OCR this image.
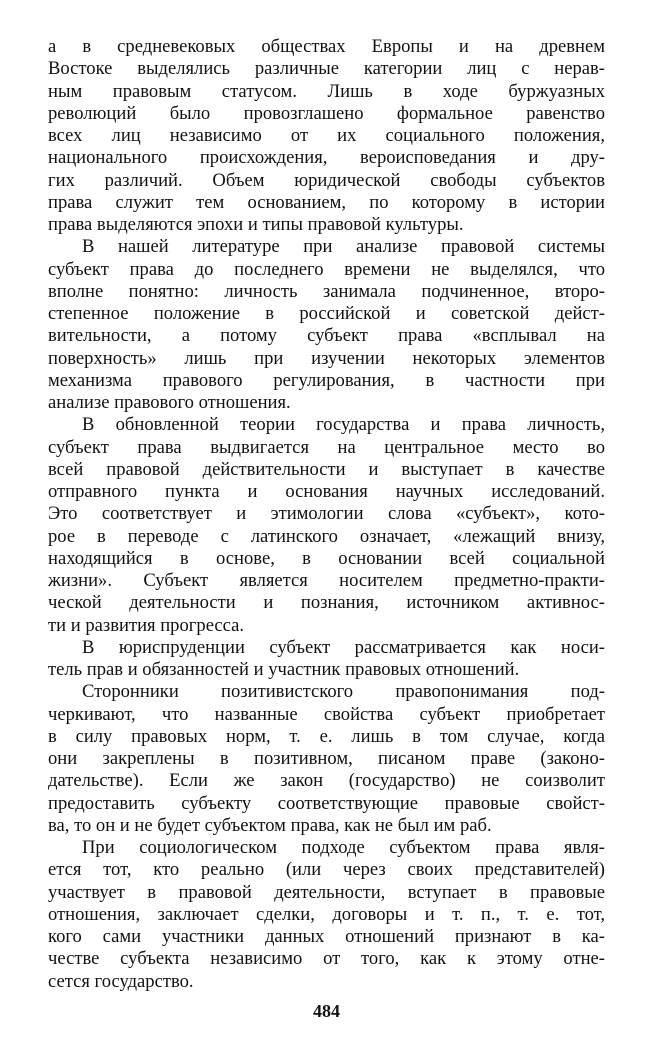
а в средневековых обществах Европы и на древнем
Востоке выделялись различные категории лиц с нерав-
ным правовым статусом. Лишь в ходе буржуазных
революций было провозглашено формальное равенство
всех лиц независимо от их социального положения,
национального происхождения, вероисповедания и дру-
гих различий. Объем юридической свободы субъектов
права служит тем основанием, по которому в истории
права выделяются эпохи и типы правовой культуры.
В нашей литературе при анализе правовой системы
субъект права до последнего времени не выделялся, что
вполне понятно: личность занимала подчиненное, второ-
степенное положение в российской и советской дейст-
вительности, а потому субъект права «всплывал на
поверхность» лишь при изучении некоторых элементов
механизма правового регулирования, в частности при
анализе правового отношения.
В обновленной теории государства и права личность,
субъект права выдвигается на центральное место во
всей правовой действительности и выступает в качестве
отправного пункта и основания научных исследований.
Это соответствует и этимологии слова «субъект», кото-
рое в переводе с латинского означает, «лежащий внизу,
находящийся в основе, в основании всей социальной
жизни». Субъект является носителем предметно-практи-
ческой деятельности и познания, источником активнос-
ти и развития прогресса.
В юриспруденции субъект рассматривается как носи-
тель прав и обязанностей и участник правовых отношений.
Сторонники позитивистского правопонимания под-
черкивают, что названные свойства субъект приобретает
в силу правовых норм, т. е. лишь в том случае, когда
они закреплены в позитивном, писаном праве (законо-
дательстве). Если же закон (государство) не соизволит
предоставить субъекту соответствующие правовые свойст-
ва, то он и не будет субъектом права, как не был им раб.
При социологическом подходе субъектом права явля-
ется тот, кто реально (или через своих представителей)
участвует в правовой деятельности, вступает в правовые
отношения, заключает сделки, договоры и т. п., т. е. тот,
кого сами участники данных отношений признают в ка-
честве субъекта независимо от того, как к этому отне-
сется государство.
484
